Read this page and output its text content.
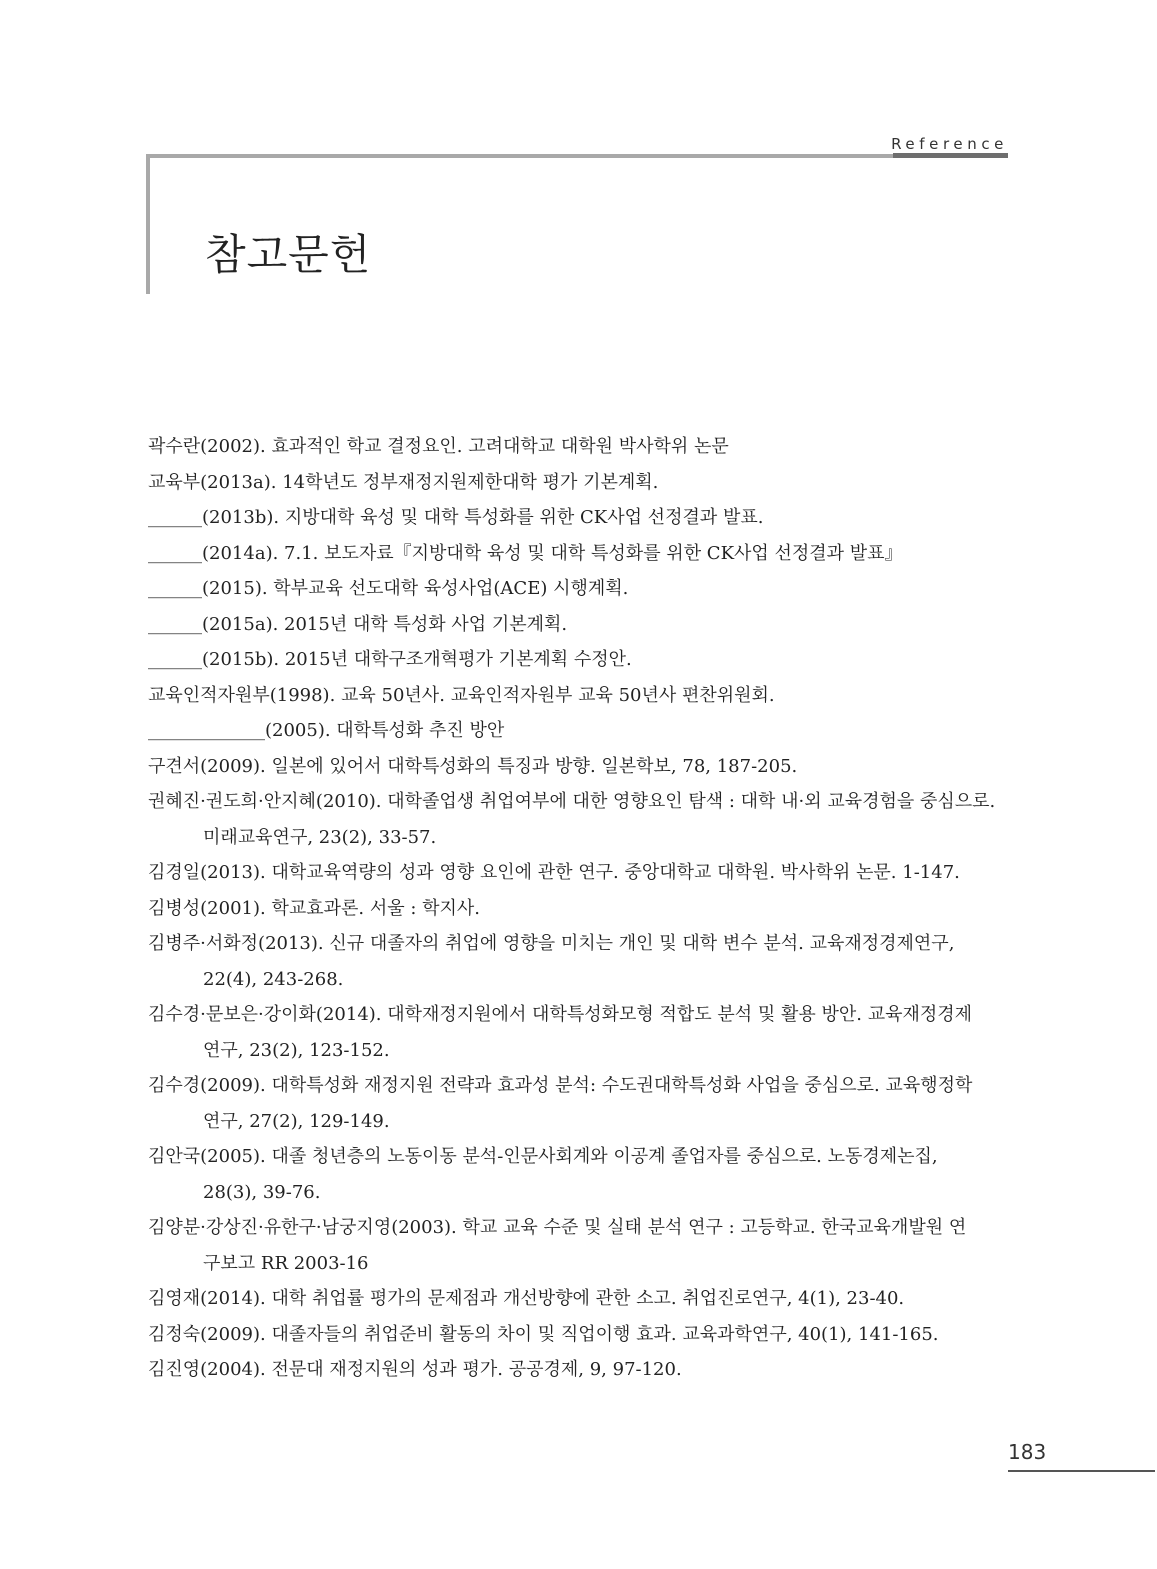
Reference
참고문헌
곽수란(2002). 효과적인 학교 결정요인. 고려대학교 대학원 박사학위 논문
교육부(2013a). 14학년도 정부재정지원제한대학 평가 기본계획.
______(2013b). 지방대학 육성 및 대학 특성화를 위한 CK사업 선정결과 발표.
______(2014a). 7.1. 보도자료『지방대학 육성 및 대학 특성화를 위한 CK사업 선정결과 발표』
______(2015). 학부교육 선도대학 육성사업(ACE) 시행계획.
______(2015a). 2015년 대학 특성화 사업 기본계획.
______(2015b). 2015년 대학구조개혁평가 기본계획 수정안.
교육인적자원부(1998). 교육 50년사. 교육인적자원부 교육 50년사 편찬위원회.
_____________(2005). 대학특성화 추진 방안
구견서(2009). 일본에 있어서 대학특성화의 특징과 방향. 일본학보, 78, 187-205.
권혜진·권도희·안지혜(2010). 대학졸업생 취업여부에 대한 영향요인 탐색 : 대학 내·외 교육경험을 중심으로.
미래교육연구, 23(2), 33-57.
김경일(2013). 대학교육역량의 성과 영향 요인에 관한 연구. 중앙대학교 대학원. 박사학위 논문. 1-147.
김병성(2001). 학교효과론. 서울 : 학지사.
김병주·서화정(2013). 신규 대졸자의 취업에 영향을 미치는 개인 및 대학 변수 분석. 교육재정경제연구,
22(4), 243-268.
김수경·문보은·강이화(2014). 대학재정지원에서 대학특성화모형 적합도 분석 및 활용 방안. 교육재정경제
연구, 23(2), 123-152.
김수경(2009). 대학특성화 재정지원 전략과 효과성 분석: 수도권대학특성화 사업을 중심으로. 교육행정학
연구, 27(2), 129-149.
김안국(2005). 대졸 청년층의 노동이동 분석-인문사회계와 이공계 졸업자를 중심으로. 노동경제논집,
28(3), 39-76.
김양분·강상진·유한구·남궁지영(2003). 학교 교육 수준 및 실태 분석 연구 : 고등학교. 한국교육개발원 연
구보고 RR 2003-16
김영재(2014). 대학 취업률 평가의 문제점과 개선방향에 관한 소고. 취업진로연구, 4(1), 23-40.
김정숙(2009). 대졸자들의 취업준비 활동의 차이 및 직업이행 효과. 교육과학연구, 40(1), 141-165.
김진영(2004). 전문대 재정지원의 성과 평가. 공공경제, 9, 97-120.
183
